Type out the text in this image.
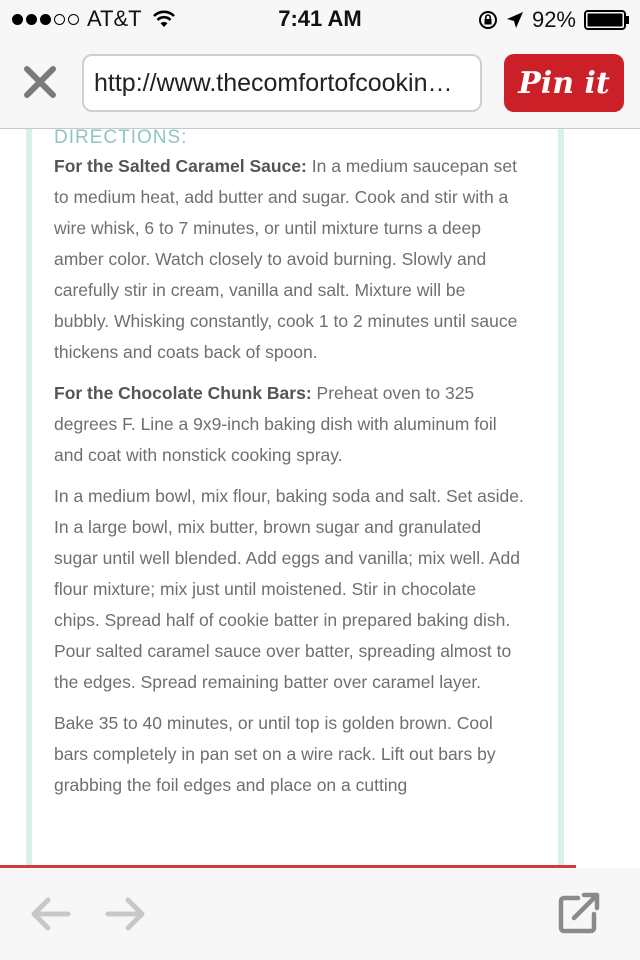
AT&T	7:41 AM	92%
http://www.thecomfortofcookin…	Pin it
DIRECTIONS:

For the Salted Caramel Sauce: In a medium saucepan set to medium heat, add butter and sugar. Cook and stir with a wire whisk, 6 to 7 minutes, or until mixture turns a deep amber color. Watch closely to avoid burning. Slowly and carefully stir in cream, vanilla and salt. Mixture will be bubbly. Whisking constantly, cook 1 to 2 minutes until sauce thickens and coats back of spoon.

For the Chocolate Chunk Bars: Preheat oven to 325 degrees F. Line a 9x9-inch baking dish with aluminum foil and coat with nonstick cooking spray.

In a medium bowl, mix flour, baking soda and salt. Set aside. In a large bowl, mix butter, brown sugar and granulated sugar until well blended. Add eggs and vanilla; mix well. Add flour mixture; mix just until moistened. Stir in chocolate chips. Spread half of cookie batter in prepared baking dish. Pour salted caramel sauce over batter, spreading almost to the edges. Spread remaining batter over caramel layer.

Bake 35 to 40 minutes, or until top is golden brown. Cool bars completely in pan set on a wire rack. Lift out bars by grabbing the foil edges and place on a cutting
